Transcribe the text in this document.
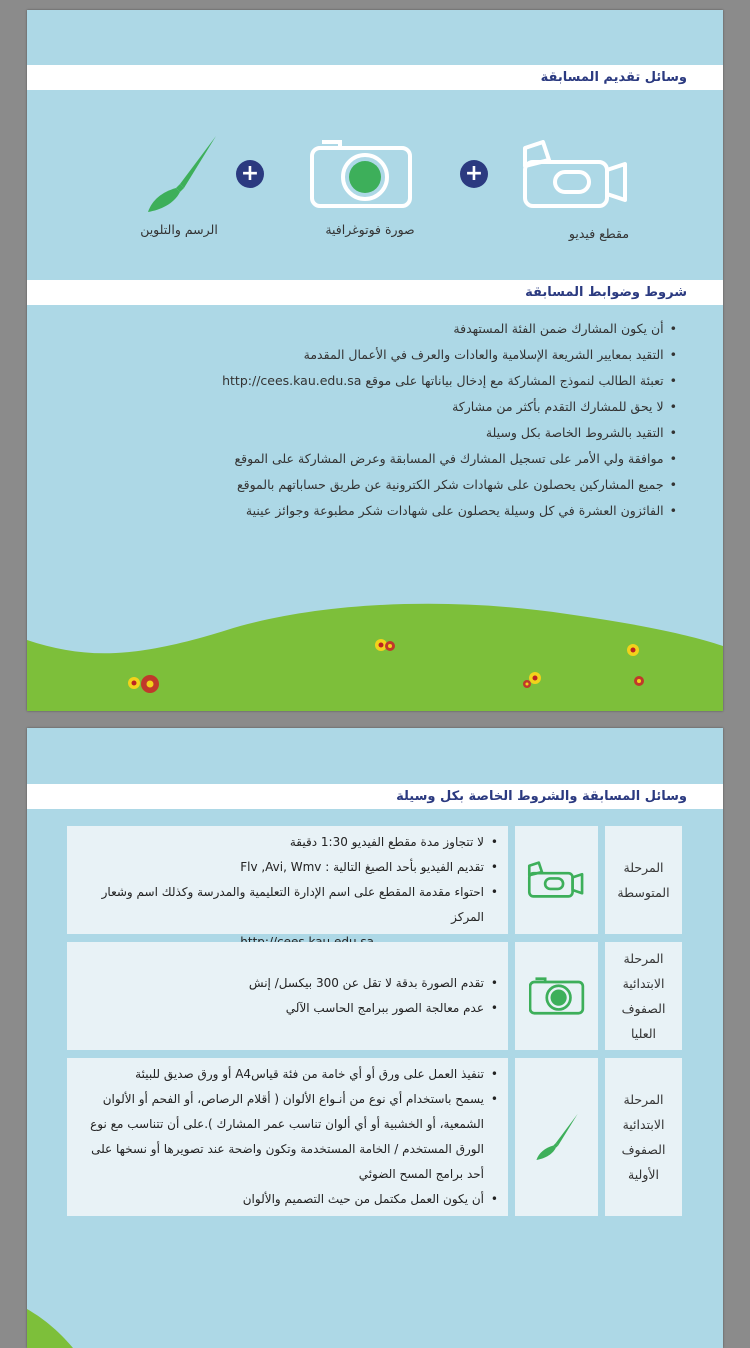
وسائل تقديم المسابقة
مقطع فيديو
+
صورة فوتوغرافية
+
الرسم والتلوين
شروط وضوابط المسابقة
• أن يكون المشارك ضمن الفئة المستهدفة
• التقيد بمعايير الشريعة الإسلامية والعادات والعرف في الأعمال المقدمة
• تعبئة الطالب لنموذج المشاركة مع إدخال بياناتها على موقع http://cees.kau.edu.sa
• لا يحق للمشارك التقدم بأكثر من مشاركة
• التقيد بالشروط الخاصة بكل وسيلة
• موافقة ولي الأمر على تسجيل المشارك في المسابقة وعرض المشاركة على الموقع
• جميع المشاركين يحصلون على شهادات شكر الكترونية عن طريق حساباتهم بالموقع
• الفائزون العشرة في كل وسيلة يحصلون على شهادات شكر مطبوعة وجوائز عينية
وسائل المسابقة والشروط الخاصة بكل وسيلة
المرحلة
المتوسطة
• لا تتجاوز مدة مقطع الفيديو 1:30 دقيقة
• تقديم الفيديو بأحد الصيغ التالية : Flv ,Avi, Wmv
• احتواء مقدمة المقطع على اسم الإدارة التعليمية والمدرسة وكذلك اسم وشعار المركز
المرحلة
الابتدائية
الصفوف
العليا
• تقدم الصورة بدقة لا تقل عن 300 بيكسل/ إنش
• عدم معالجة الصور ببرامج الحاسب الآلي
المرحلة
الابتدائية
الصفوف
الأولية
• تنفيذ العمل على ورق أو أي خامة من فئة قياسA4 أو ورق صديق للبيئة
• يسمح باستخدام أي نوع من أنـواع الألوان ( أقلام الرصاص، أو الفحم أو الألوان
الشمعية، أو الخشبية أو أي ألوان تناسب عمر المشارك ).على أن تتناسب مع نوع
الورق المستخدم / الخامة المستخدمة وتكون واضحة عند تصويرها أو نسخها على
أحد برامج المسح الضوئي
• أن يكون العمل مكتمل من حيث التصميم والألوان
